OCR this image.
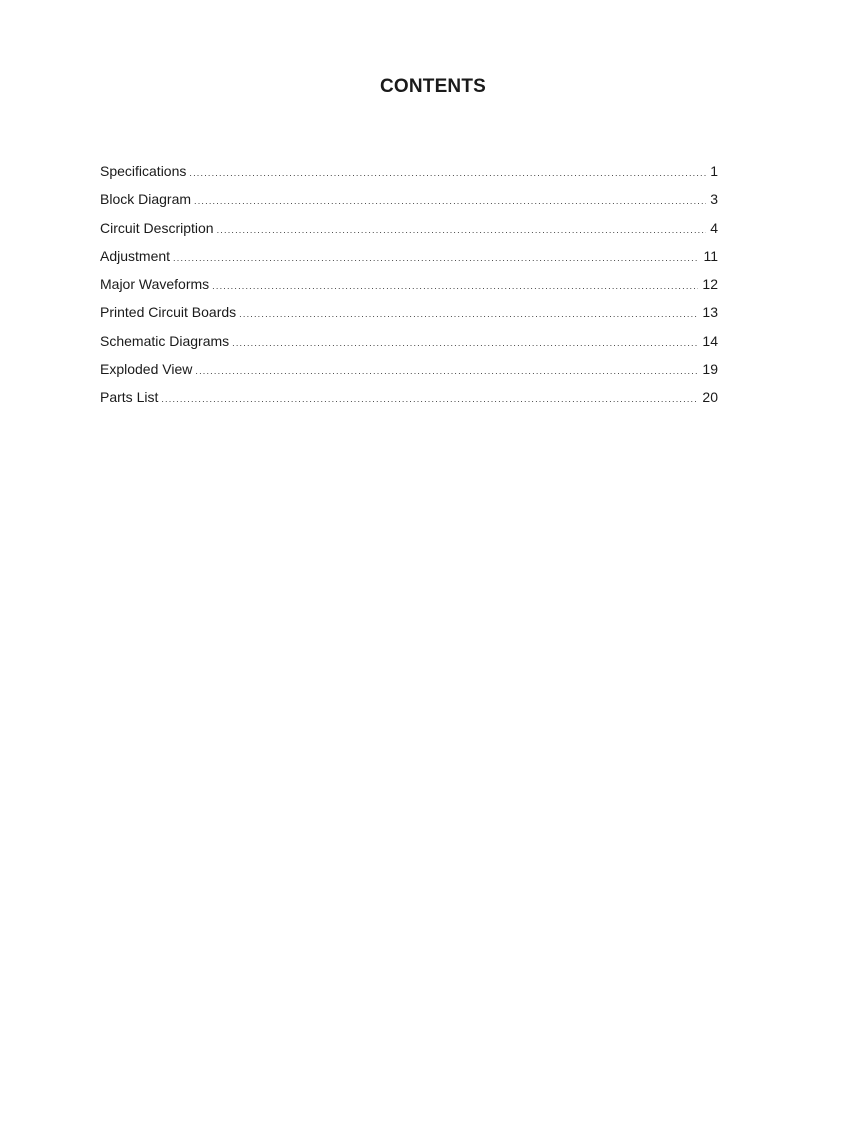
CONTENTS
Specifications .....	1
Block Diagram .....	3
Circuit Description .....	4
Adjustment .....	11
Major Waveforms .....	12
Printed Circuit Boards .....	13
Schematic Diagrams .....	14
Exploded View .....	19
Parts List .....	20
